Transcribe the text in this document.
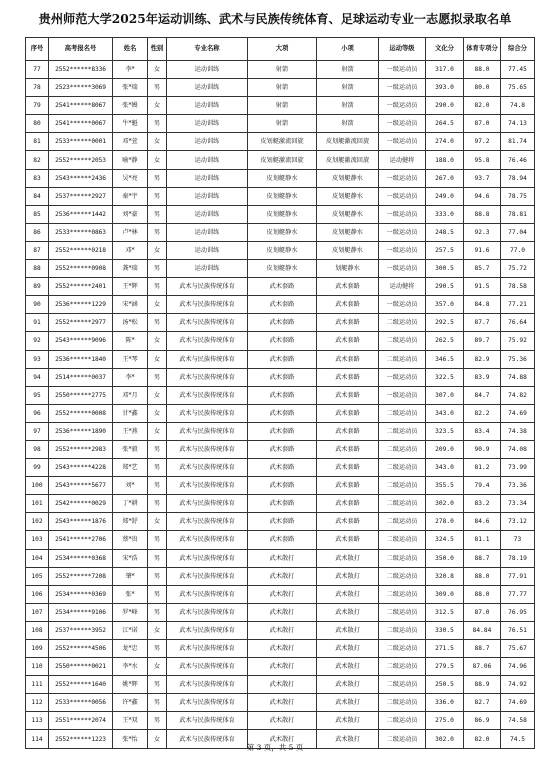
贵州师范大学2025年运动训练、武术与民族传统体育、足球运动专业一志愿拟录取名单
序号	高考报名号	姓名	性别	专业名称	大项	小项	运动等级	文化分	体育专项分	综合分
77	2552******8336	李*	女	运动训练	射箭	射箭	一级运动员	317.0	88.0	77.45
78	2523******3069	张*瑞	男	运动训练	射箭	射箭	一级运动员	393.0	80.0	75.65
79	2541******8067	张*嫚	女	运动训练	射箭	射箭	一级运动员	290.0	82.0	74.8
80	2541******0067	牛*魁	男	运动训练	射箭	射箭	一级运动员	264.5	87.0	74.13
81	2533******0001	邓*萱	女	运动训练	皮划艇激流回旋	皮划艇激流回旋	一级运动员	274.0	97.2	81.74
82	2552******2053	喻*静	女	运动训练	皮划艇激流回旋	皮划艇激流回旋	运动健将	188.0	95.8	76.46
83	2543******2436	吴*亮	男	运动训练	皮划艇静水	皮划艇静水	一级运动员	267.0	93.7	78.94
84	2537******2927	秦*宇	男	运动训练	皮划艇静水	皮划艇静水	一级运动员	249.0	94.6	78.75
85	2536******1442	刘*豪	男	运动训练	皮划艇静水	皮划艇静水	一级运动员	333.0	88.8	78.81
86	2533******0863	卢*林	男	运动训练	皮划艇静水	皮划艇静水	一级运动员	248.5	92.3	77.04
87	2552******0218	邓*	女	运动训练	皮划艇静水	皮划艇静水	一级运动员	257.5	91.6	77.0
88	2552******0908	龚*瑞	男	运动训练	皮划艇静水	划艇静水	一级运动员	300.5	85.7	75.72
89	2552******2401	王*辉	男	武术与民族传统体育	武术套路	武术套路	运动健将	290.5	91.5	78.58
90	2536******1229	宋*涵	女	武术与民族传统体育	武术套路	武术套路	一级运动员	357.0	84.8	77.21
91	2552******2977	汤*松	男	武术与民族传统体育	武术套路	武术套路	二级运动员	292.5	87.7	76.64
92	2543******9096	陈*	女	武术与民族传统体育	武术套路	武术套路	二级运动员	262.5	89.7	75.92
93	2536******1840	王*琴	女	武术与民族传统体育	武术套路	武术套路	二级运动员	346.5	82.9	75.36
94	2514******0037	李*	男	武术与民族传统体育	武术套路	武术套路	一级运动员	322.5	83.9	74.88
95	2550******2775	邓*月	女	武术与民族传统体育	武术套路	武术套路	一级运动员	307.0	84.7	74.82
96	2552******0008	甘*鑫	女	武术与民族传统体育	武术套路	武术套路	二级运动员	343.0	82.2	74.69
97	2536******1890	王*燕	女	武术与民族传统体育	武术套路	武术套路	二级运动员	323.5	83.4	74.38
98	2552******2983	张*毅	男	武术与民族传统体育	武术套路	武术套路	二级运动员	209.0	90.9	74.08
99	2543******4228	郑*艺	男	武术与民族传统体育	武术套路	武术套路	二级运动员	343.0	81.2	73.99
100	2543******5677	刘*	男	武术与民族传统体育	武术套路	武术套路	二级运动员	355.5	79.4	73.36
101	2542******0029	丁*耕	男	武术与民族传统体育	武术套路	武术套路	二级运动员	302.0	83.2	73.34
102	2543******1876	郑*舒	女	武术与民族传统体育	武术套路	武术套路	二级运动员	278.0	84.6	73.12
103	2541******2706	蔡*贵	男	武术与民族传统体育	武术套路	武术套路	二级运动员	324.5	81.1	73
104	2534******0368	宋*浩	男	武术与民族传统体育	武术散打	武术散打	二级运动员	350.0	88.7	78.19
105	2552******7208	肇*	男	武术与民族传统体育	武术散打	武术散打	二级运动员	320.8	88.0	77.91
106	2534******0369	张*	男	武术与民族传统体育	武术散打	武术散打	二级运动员	309.0	88.0	77.77
107	2534******9106	罗*峰	男	武术与民族传统体育	武术散打	武术散打	二级运动员	312.5	87.0	76.95
108	2537******3952	江*诺	女	武术与民族传统体育	武术散打	武术散打	二级运动员	330.5	84.84	76.51
109	2552******4506	龙*忠	男	武术与民族传统体育	武术散打	武术散打	二级运动员	271.5	88.7	75.67
110	2550******0021	李*水	女	武术与民族传统体育	武术散打	武术散打	二级运动员	279.5	87.06	74.96
111	2552******1640	姚*辉	男	武术与民族传统体育	武术散打	武术散打	二级运动员	250.5	88.9	74.92
112	2533******0056	许*鑫	男	武术与民族传统体育	武术散打	武术散打	二级运动员	336.0	82.7	74.69
113	2551******2074	王*双	男	武术与民族传统体育	武术散打	武术散打	二级运动员	275.0	86.9	74.58
114	2552******1223	张*怡	女	武术与民族传统体育	武术散打	武术散打	二级运动员	302.0	82.0	74.5
第 3 页，共 5 页
